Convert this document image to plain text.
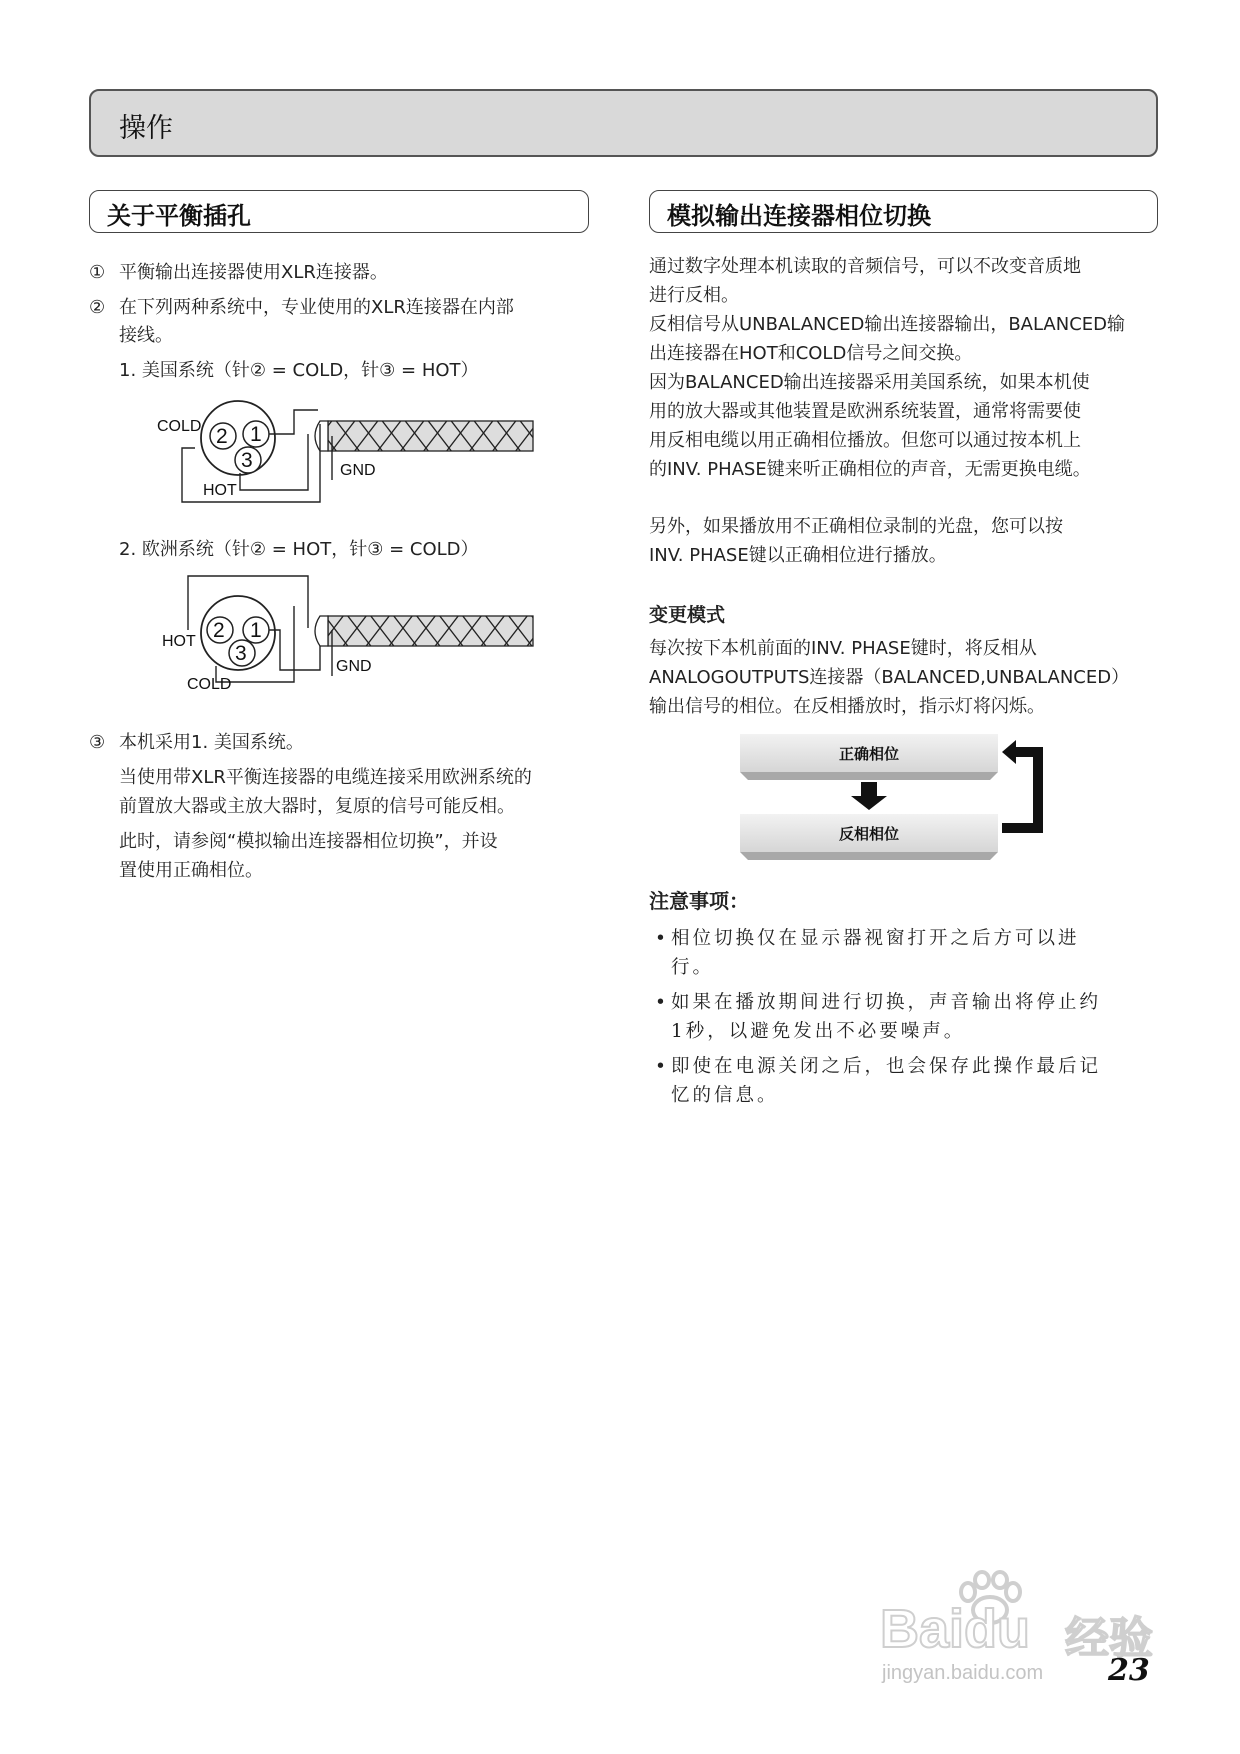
操作
关于平衡插孔
① 平衡输出连接器使用XLR连接器。
② 在下列两种系统中，专业使用的XLR连接器在内部
接线。
1. 美国系统（针② = COLD，针③ = HOT）
2 1
3
COLD
HOT
GND
2. 欧洲系统（针② = HOT，针③ = COLD）
2 1
3
HOT
COLD
GND
③ 本机采用1. 美国系统。
当使用带XLR平衡连接器的电缆连接采用欧洲系统的
前置放大器或主放大器时，复原的信号可能反相。
此时，请参阅“模拟输出连接器相位切换”，并设
置使用正确相位。
模拟输出连接器相位切换
通过数字处理本机读取的音频信号，可以不改变音质地
进行反相。
反相信号从UNBALANCED输出连接器输出，BALANCED输
出连接器在HOT和COLD信号之间交换。
因为BALANCED输出连接器采用美国系统，如果本机使
用的放大器或其他装置是欧洲系统装置，通常将需要使
用反相电缆以用正确相位播放。但您可以通过按本机上
的INV. PHASE键来听正确相位的声音，无需更换电缆。
另外，如果播放用不正确相位录制的光盘，您可以按
INV. PHASE键以正确相位进行播放。
变更模式
每次按下本机前面的INV. PHASE键时，将反相从
ANALOGOUTPUTS连接器（BALANCED,UNBALANCED）
输出信号的相位。在反相播放时，指示灯将闪烁。
正确相位
反相相位
注意事项：
• 相位切换仅在显示器视窗打开之后方可以进
行。
• 如果在播放期间进行切换，声音输出将停止约
1秒，以避免发出不必要噪声。
• 即使在电源关闭之后，也会保存此操作最后记
忆的信息。
Baidu 经验
jingyan.baidu.com 23
